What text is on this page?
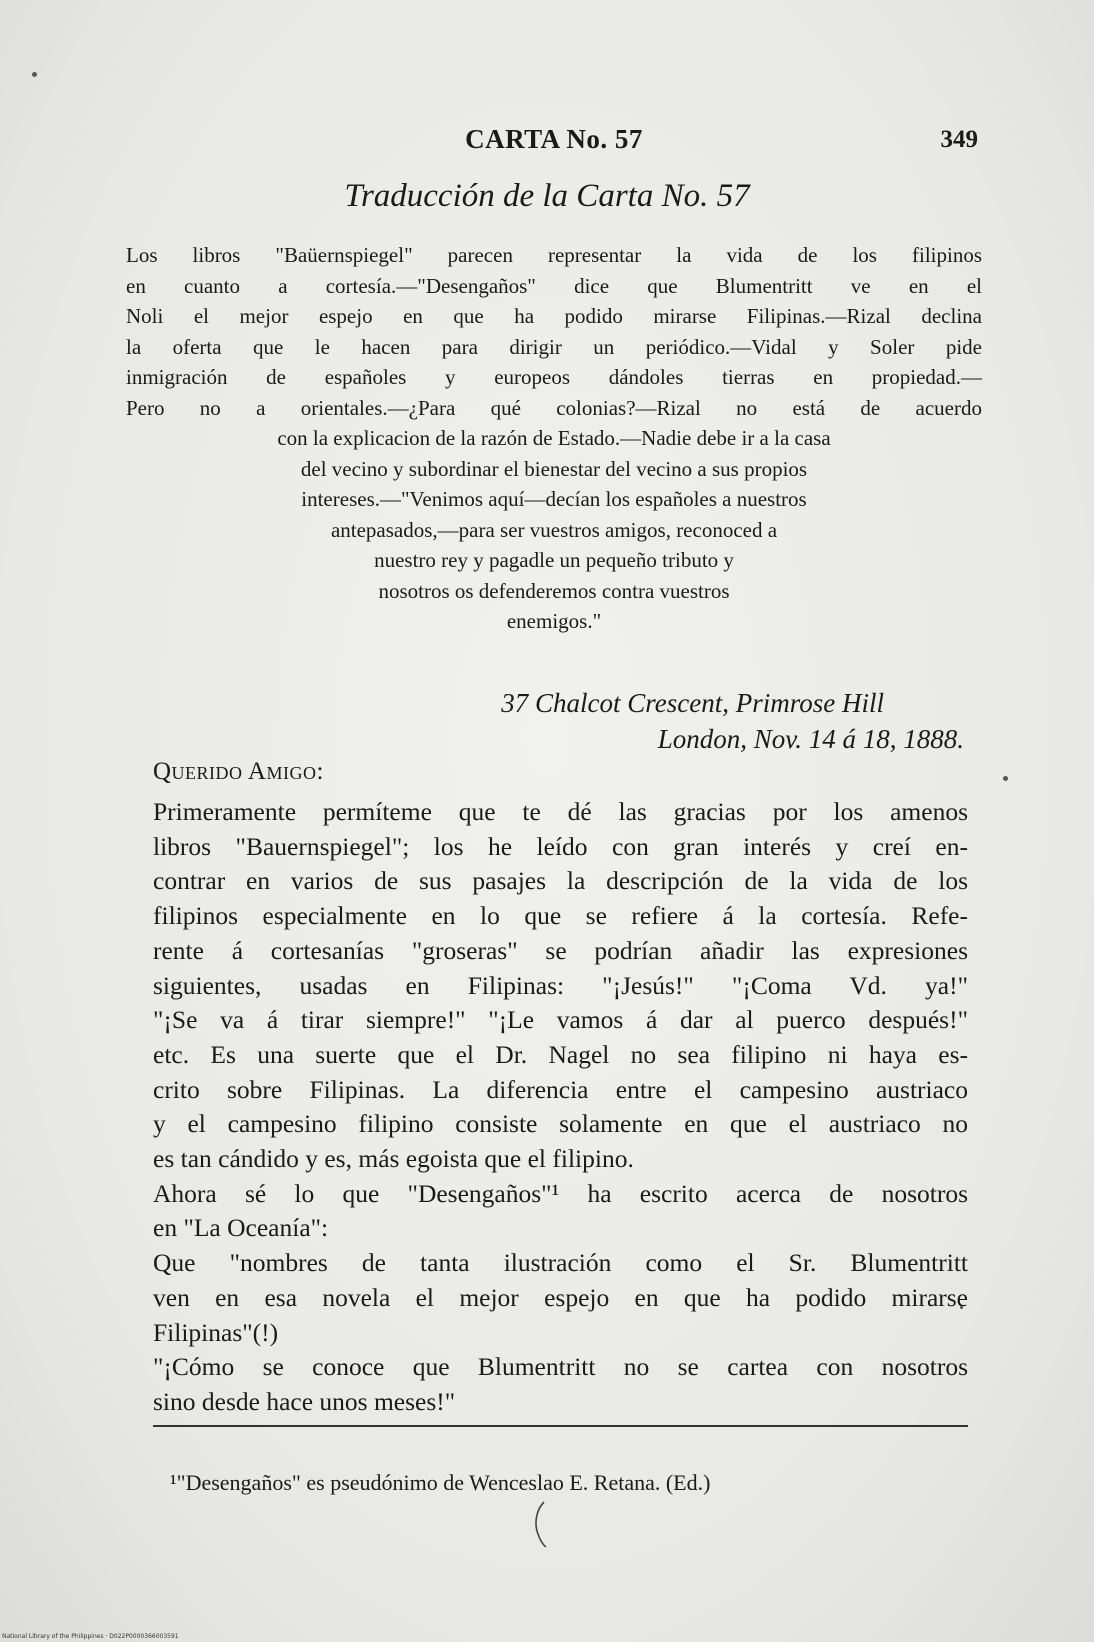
CARTA No. 57	349
Traducción de la Carta No. 57
Los libros "Baüernspiegel" parecen representar la vida de los filipinos
en cuanto a cortesía.—"Desengaños" dice que Blumentritt ve en el
Noli el mejor espejo en que ha podido mirarse Filipinas.—Rizal declina
la oferta que le hacen para dirigir un periódico.—Vidal y Soler pide
inmigración de españoles y europeos dándoles tierras en propiedad.—
Pero no a orientales.—¿Para qué colonias?—Rizal no está de acuerdo
con la explicacion de la razón de Estado.—Nadie debe ir a la casa
del vecino y subordinar el bienestar del vecino a sus propios
intereses.—"Venimos aquí—decían los españoles a nuestros
antepasados,—para ser vuestros amigos, reconoced a
nuestro rey y pagadle un pequeño tributo y
nosotros os defenderemos contra vuestros
enemigos."
37 Chalcot Crescent, Primrose Hill
London, Nov. 14 á 18, 1888.
Querido Amigo:
Primeramente permíteme que te dé las gracias por los amenos
libros "Bauernspiegel"; los he leído con gran interés y creí en-
contrar en varios de sus pasajes la descripción de la vida de los
filipinos especialmente en lo que se refiere á la cortesía. Refe-
rente á cortesanías "groseras" se podrían añadir las expresiones
siguientes, usadas en Filipinas: "¡Jesús!" "¡Coma Vd. ya!"
"¡Se va á tirar siempre!" "¡Le vamos á dar al puerco después!"
etc. Es una suerte que el Dr. Nagel no sea filipino ni haya es-
crito sobre Filipinas. La diferencia entre el campesino austriaco
y el campesino filipino consiste solamente en que el austriaco no
es tan cándido y es, más egoista que el filipino.
Ahora sé lo que "Desengaños"¹ ha escrito acerca de nosotros
en "La Oceanía":
Que "nombres de tanta ilustración como el Sr. Blumentritt
ven en esa novela el mejor espejo en que ha podido mirarse
Filipinas"(!)
"¡Cómo se conoce que Blumentritt no se cartea con nosotros
sino desde hace unos meses!"
¹"Desengaños" es pseudónimo de Wenceslao E. Retana. (Ed.)
National Library of the Philippines · D022P0000366003591
